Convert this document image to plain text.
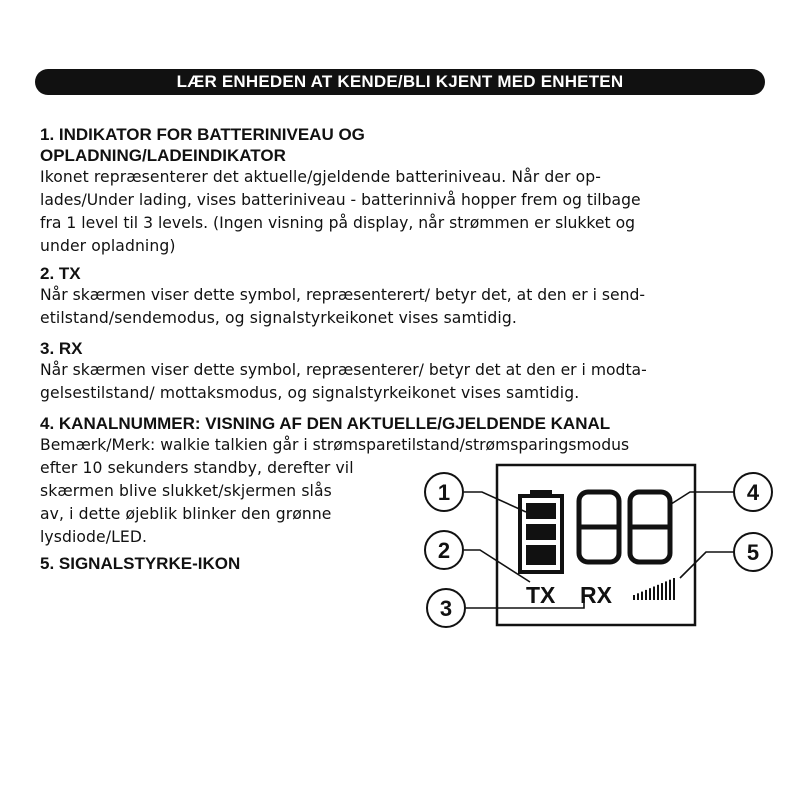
LÆR ENHEDEN AT KENDE/BLI KJENT MED ENHETEN
1. INDIKATOR FOR BATTERINIVEAU OG
OPLADNING/LADEINDIKATOR
Ikonet repræsenterer det aktuelle/gjeldende batteriniveau. Når der op-
lades/Under lading, vises batteriniveau - batterinnivå hopper frem og tilbage
fra 1 level til 3 levels. (Ingen visning på display, når strømmen er slukket og
under opladning)
2. TX
Når skærmen viser dette symbol, repræsenterert/ betyr det, at den er i send-
etilstand/sendemodus, og signalstyrkeikonet vises samtidig.
3. RX
Når skærmen viser dette symbol, repræsenterer/ betyr det at den er i modta-
gelsestilstand/ mottaksmodus, og signalstyrkeikonet vises samtidig.
4. KANALNUMMER: VISNING AF DEN AKTUELLE/GJELDENDE KANAL
Bemærk/Merk: walkie talkien går i strømsparetilstand/strømsparingsmodus
efter 10 sekunders standby, derefter vil
skærmen blive slukket/skjermen slås
av, i dette øjeblik blinker den grønne
lysdiode/LED.
5. SIGNALSTYRKE-IKON
TX RX
1
2
3
4
5
